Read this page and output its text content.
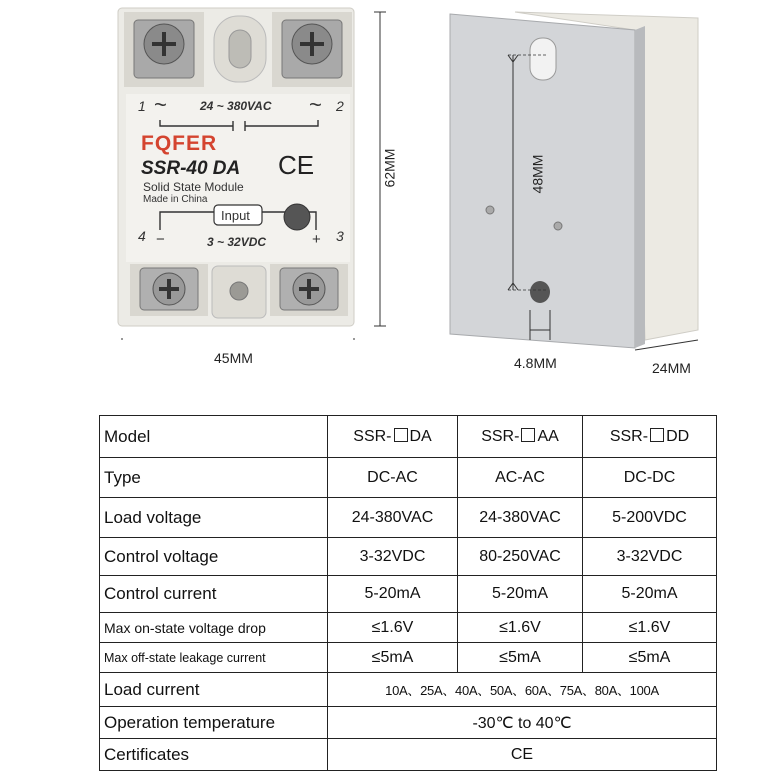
1 ~	24 ~ 380VAC ~ 2
FQFER
SSR-40 DA CE
Solid State Module
Made in China
Input
4 −	3 ~ 32VDC	+ 3
62MM
45MM
48MM
4.8MM	24MM
Model	SSR- DA	SSR- AA	SSR- DD
Type	DC-AC	AC-AC	DC-DC
Load voltage	24-380VAC	24-380VAC	5-200VDC
Control voltage	3-32VDC	80-250VAC	3-32VDC
Control current	5-20mA	5-20mA	5-20mA
Max on-state voltage drop	≤1.6V	≤1.6V	≤1.6V
Max off-state leakage current	≤5mA	≤5mA	≤5mA
Load current	10A、25A、40A、50A、60A、75A、80A、100A		
Operation temperature	-30℃ to 40℃		
Certificates	CE		
